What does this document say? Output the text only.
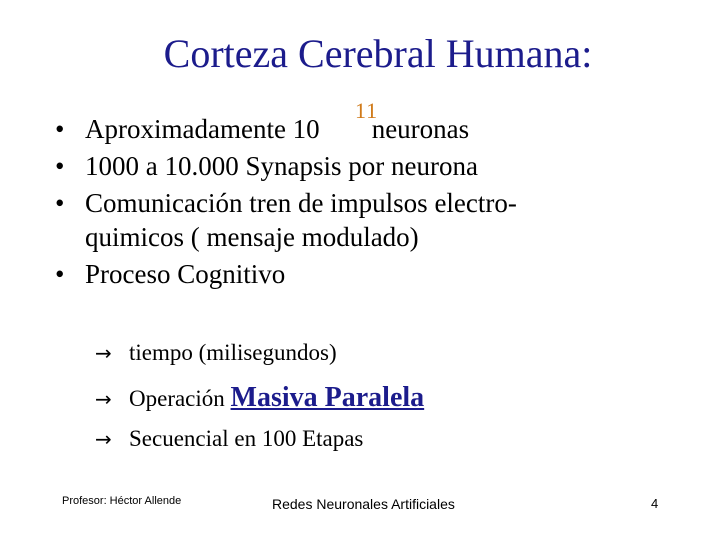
Corteza Cerebral Humana:
• Aproximadamente 10 neuronas
11
• 1000 a 10.000 Synapsis por neurona
• Comunicación tren de impulsos electro-
quimicos ( mensaje modulado)
• Proceso Cognitivo
→ tiempo (milisegundos)
→ Operación Masiva Paralela
→ Secuencial en 100 Etapas
Profesor: Héctor Allende	Redes Neuronales Artificiales	4
